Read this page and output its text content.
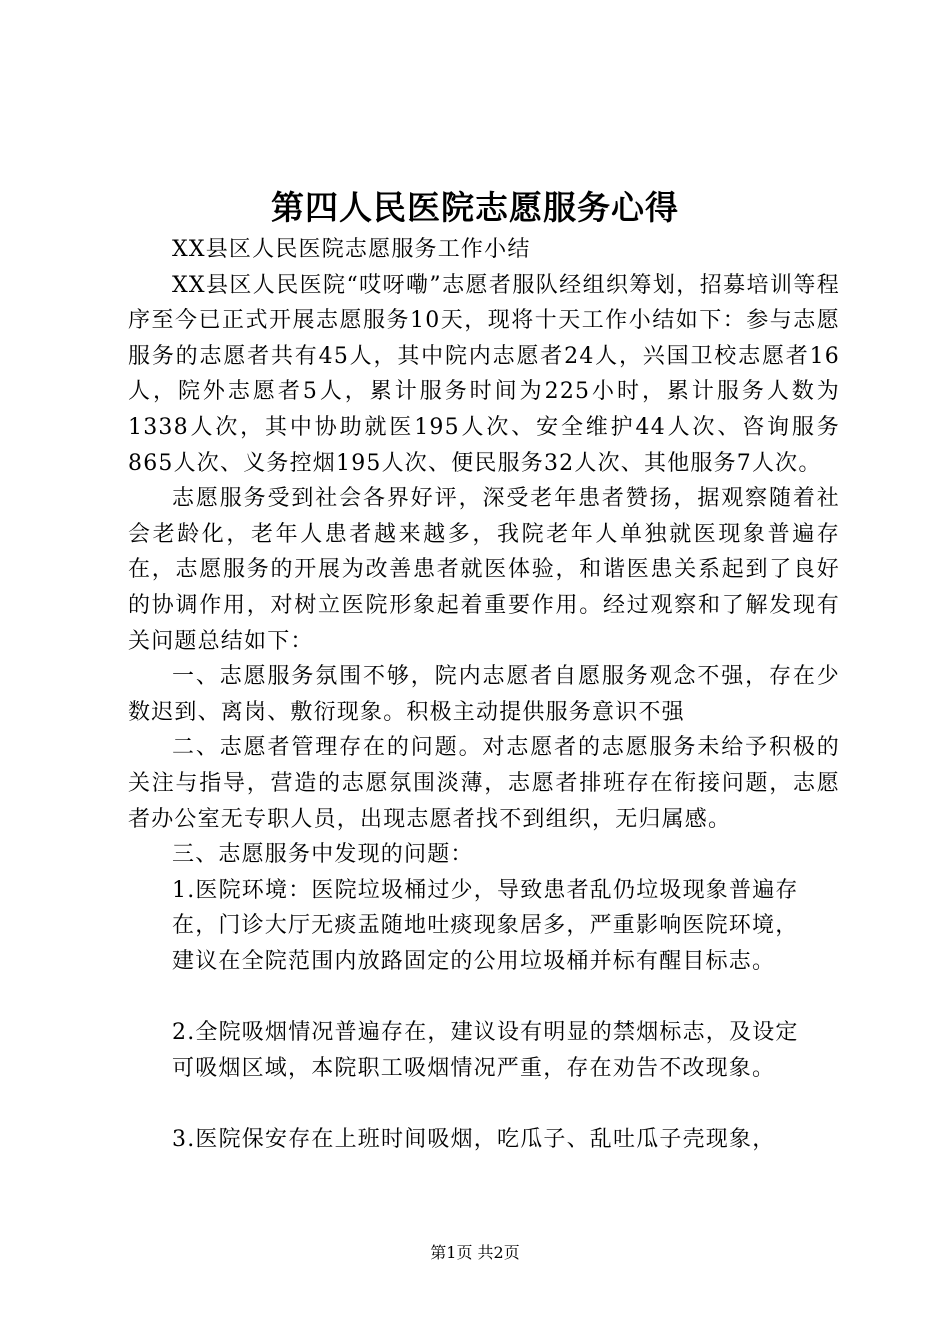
第四人民医院志愿服务心得

XX县区人民医院志愿服务工作小结

XX县区人民医院“哎呀嘞”志愿者服队经组织筹划，招募培训等程序至今已正式开展志愿服务10天，现将十天工作小结如下：参与志愿服务的志愿者共有45人，其中院内志愿者24人，兴国卫校志愿者16人，院外志愿者5人，累计服务时间为225小时，累计服务人数为1338人次，其中协助就医195人次、安全维护44人次、咨询服务865人次、义务控烟195人次、便民服务32人次、其他服务7人次。

志愿服务受到社会各界好评，深受老年患者赞扬，据观察随着社会老龄化，老年人患者越来越多，我院老年人单独就医现象普遍存在，志愿服务的开展为改善患者就医体验，和谐医患关系起到了良好的协调作用，对树立医院形象起着重要作用。经过观察和了解发现有关问题总结如下：

一、志愿服务氛围不够，院内志愿者自愿服务观念不强，存在少数迟到、离岗、敷衍现象。积极主动提供服务意识不强

二、志愿者管理存在的问题。对志愿者的志愿服务未给予积极的关注与指导，营造的志愿氛围淡薄，志愿者排班存在衔接问题，志愿者办公室无专职人员，出现志愿者找不到组织，无归属感。

三、志愿服务中发现的问题：

1.医院环境：医院垃圾桶过少，导致患者乱仍垃圾现象普遍存

在，门诊大厅无痰盂随地吐痰现象居多，严重影响医院环境，

建议在全院范围内放路固定的公用垃圾桶并标有醒目标志。

2.全院吸烟情况普遍存在，建议设有明显的禁烟标志，及设定

可吸烟区域，本院职工吸烟情况严重，存在劝告不改现象。

3.医院保安存在上班时间吸烟，吃瓜子、乱吐瓜子壳现象，

第1页 共2页
